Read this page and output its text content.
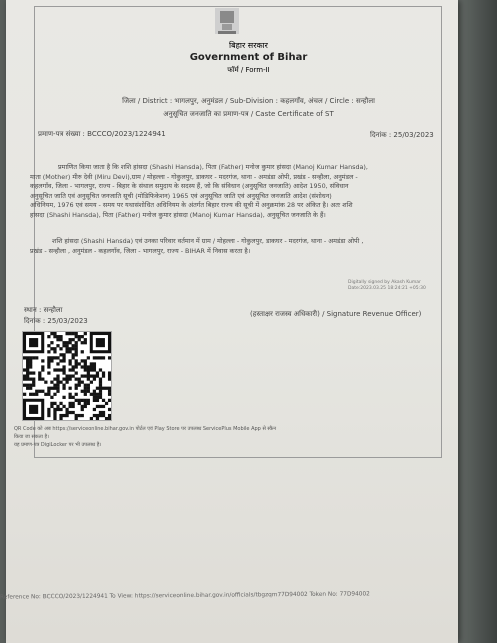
बिहार सरकार
Government of Bihar
फॉर्म / Form-II
जिला / District : भागलपुर, अनुमंडल / Sub-Division : कहलगाँव, अंचल / Circle : सन्हौला
अनुसूचित जनजाति का प्रमाण-पत्र / Caste Certificate of ST
प्रमाण-पत्र संख्या : BCCCO/2023/1224941	दिनांक : 25/03/2023
प्रमाणित किया जाता है कि शशि हांसदा (Shashi Hansda), पिता (Father) मनोज कुमार हांसदा (Manoj Kumar Hansda),
माता (Mother) मीरु देवी (Miru Devi),ग्राम / मोहल्ला - गोकुलपुर, डाकघर - मदरगंज, थाना - अमडंडा ओपी, प्रखंड - सन्हौला, अनुमंडल -
कहलगाँव, जिला - भागलपुर, राज्य - बिहार के संथाल समुदाय के सदस्य हैं, जो कि संविधान (अनुसूचित जनजाति) आदेश 1950, संविधान
अनुसूचित जाति एवं अनुसूचित जनजाति सूची (मोडिफिकेशन) 1965 एवं अनुसूचित जाति एवं अनुसूचित जनजाति आदेश (संशोधन)
अधिनियम, 1976 एवं समय - समय पर यथासंशोधित अधिनियम के अंतर्गत बिहार राज्य की सूची में अनुक्रमांक 28 पर अंकित है। अतः शशि
हांसदा (Shashi Hansda), पिता (Father) मनोज कुमार हांसदा (Manoj Kumar Hansda), अनुसूचित जनजाति के हैं।
शशि हांसदा (Shashi Hansda) एवं उनका परिवार वर्तमान में ग्राम / मोहल्ला - गोकुलपुर, डाकघर - मदरगंज, थाना - अमडंडा ओपी ,
प्रखंड - सन्हौला , अनुमंडल - कहलगाँव, जिला - भागलपुर, राज्य - BIHAR में निवास करता है।
Digitally signed by Akash Kumar
Date:2023.03.25 18:24:21 +05:30
स्थान : सन्हौला
दिनांक : 25/03/2023
(हस्ताक्षर राजस्व अधिकारी) / Signature Revenue Officer)
QR Code को अब https://serviceonline.bihar.gov.in पोर्टल एवं Play Store पर उपलब्ध ServicePlus Mobile App से स्कैन
किया जा सकता है।
यह प्रमाण-पत्र DigiLocker पर भी उपलब्ध है।
Reference No: BCCCO/2023/1224941 To View: https://serviceonline.bihar.gov.in/officials/tbgzqm77D94002 Token No: 77D94002
